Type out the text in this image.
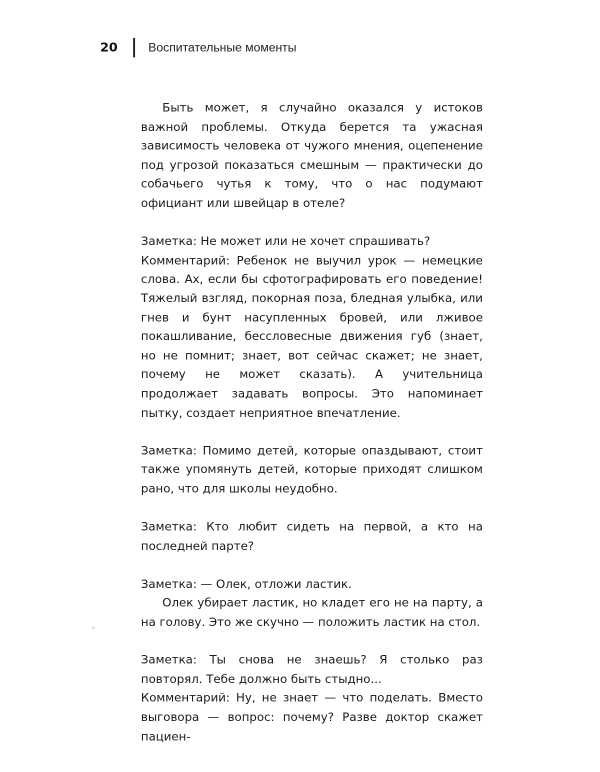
20 Воспитательные моменты

Быть может, я случайно оказался у истоков важной проблемы. Откуда берется та ужасная зависимость человека от чужого мнения, оцепенение под угрозой показаться смешным — практически до собачьего чутья к тому, что о нас подумают официант или швейцар в отеле?

Заметка: Не может или не хочет спрашивать?

Комментарий: Ребенок не выучил урок — немецкие слова. Ах, если бы сфотографировать его поведение! Тяжелый взгляд, покорная поза, бледная улыбка, или гнев и бунт насупленных бровей, или лживое покашливание, бессловесные движения губ (знает, но не помнит; знает, вот сейчас скажет; не знает, почему не может сказать). А учительница продолжает задавать вопросы. Это напоминает пытку, создает неприятное впечатление.

Заметка: Помимо детей, которые опаздывают, стоит также упомянуть детей, которые приходят слишком рано, что для школы неудобно.

Заметка: Кто любит сидеть на первой, а кто на последней парте?

Заметка: — Олек, отложи ластик.

Олек убирает ластик, но кладет его не на парту, а на голову. Это же скучно — положить ластик на стол.

Заметка: Ты снова не знаешь? Я столько раз повторял. Тебе должно быть стыдно...

Комментарий: Ну, не знает — что поделать. Вместо выговора — вопрос: почему? Разве доктор скажет пациен-
